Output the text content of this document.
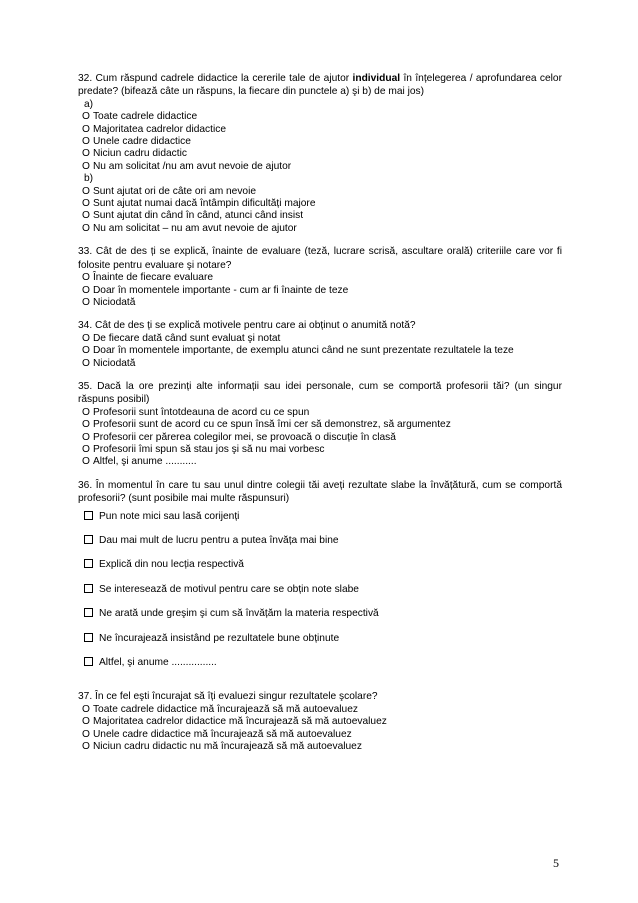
32. Cum răspund cadrele didactice la cererile tale de ajutor individual în înțelegerea / aprofundarea celor predate? (bifează câte un răspuns, la fiecare din punctele a) şi b) de mai jos)
a)
O Toate cadrele didactice
O Majoritatea cadrelor didactice
O Unele cadre didactice
O Niciun cadru didactic
O Nu am solicitat /nu am avut nevoie de ajutor
b)
O Sunt ajutat ori de câte ori am nevoie
O Sunt ajutat numai dacă întâmpin dificultăți majore
O Sunt ajutat din când în când, atunci când insist
O Nu am solicitat – nu am avut nevoie de ajutor
33. Cât de des ți se explică, înainte de evaluare (teză, lucrare scrisă, ascultare orală) criteriile care vor fi folosite pentru evaluare şi notare?
O Înainte de fiecare evaluare
O Doar în momentele importante - cum ar fi înainte de teze
O Niciodată
34. Cât de des ți se explică motivele pentru care ai obținut o anumită notă?
O De fiecare dată când sunt evaluat şi notat
O Doar în momentele importante, de exemplu atunci când ne sunt prezentate rezultatele la teze
O Niciodată
35. Dacă la ore prezinți alte informații sau idei personale, cum se comportă profesorii tăi? (un singur răspuns posibil)
O Profesorii sunt întotdeauna de acord cu ce spun
O Profesorii sunt de acord cu ce spun însă îmi cer să demonstrez, să argumentez
O Profesorii cer părerea colegilor mei, se provoacă o discuție în clasă
O Profesorii îmi spun să stau jos şi să nu mai vorbesc
O Altfel, şi anume ...........
36. În momentul în care tu sau unul dintre colegii tăi aveți rezultate slabe la învățătură, cum se comportă profesorii? (sunt posibile mai multe răspunsuri)
Pun note mici sau lasă corijenți
Dau mai mult de lucru pentru a putea învăța mai bine
Explică din nou lecția respectivă
Se interesează de motivul pentru care se obțin note slabe
Ne arată unde greşim şi cum să învățăm la materia respectivă
Ne încurajează insistând pe rezultatele bune obținute
Altfel, şi anume ................
37. În ce fel eşti încurajat să îți evaluezi singur rezultatele şcolare?
O Toate cadrele didactice mă încurajează să mă autoevaluez
O Majoritatea cadrelor didactice mă încurajează să mă autoevaluez
O Unele cadre didactice mă încurajează să mă autoevaluez
O Niciun cadru didactic nu mă încurajează să mă autoevaluez
5
